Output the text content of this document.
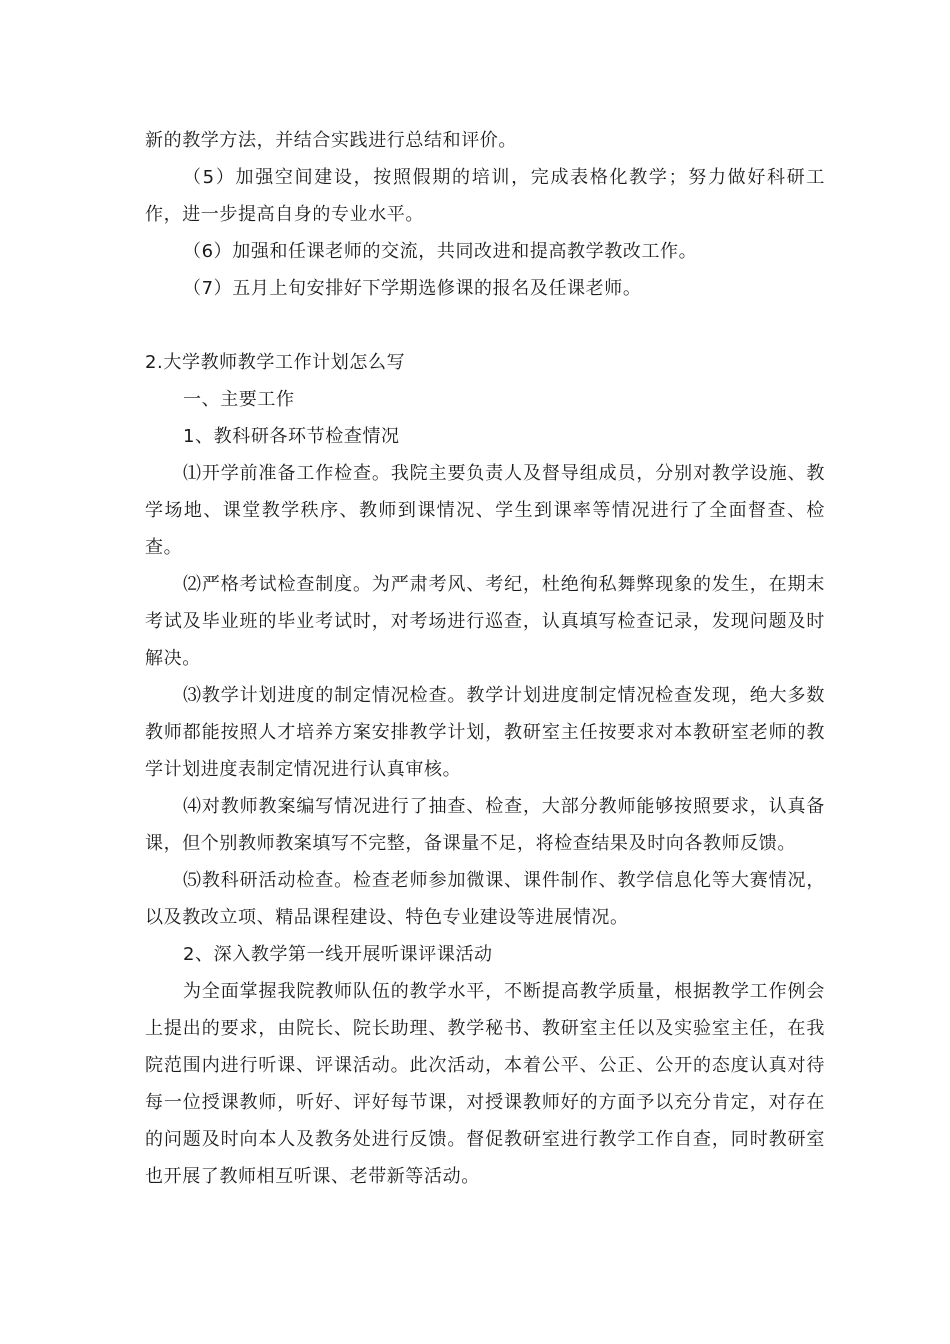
新的教学方法，并结合实践进行总结和评价。

（5）加强空间建设，按照假期的培训，完成表格化教学；努力做好科研工作，进一步提高自身的专业水平。

（6）加强和任课老师的交流，共同改进和提高教学教改工作。

（7）五月上旬安排好下学期选修课的报名及任课老师。

2.大学教师教学工作计划怎么写

一、主要工作

1、教科研各环节检查情况

⑴开学前准备工作检查。我院主要负责人及督导组成员，分别对教学设施、教学场地、课堂教学秩序、教师到课情况、学生到课率等情况进行了全面督查、检查。

⑵严格考试检查制度。为严肃考风、考纪，杜绝徇私舞弊现象的发生，在期末考试及毕业班的毕业考试时，对考场进行巡查，认真填写检查记录，发现问题及时解决。

⑶教学计划进度的制定情况检查。教学计划进度制定情况检查发现，绝大多数教师都能按照人才培养方案安排教学计划，教研室主任按要求对本教研室老师的教学计划进度表制定情况进行认真审核。

⑷对教师教案编写情况进行了抽查、检查，大部分教师能够按照要求，认真备课，但个别教师教案填写不完整，备课量不足，将检查结果及时向各教师反馈。

⑸教科研活动检查。检查老师参加微课、课件制作、教学信息化等大赛情况，以及教改立项、精品课程建设、特色专业建设等进展情况。

2、深入教学第一线开展听课评课活动

为全面掌握我院教师队伍的教学水平，不断提高教学质量，根据教学工作例会上提出的要求，由院长、院长助理、教学秘书、教研室主任以及实验室主任，在我院范围内进行听课、评课活动。此次活动，本着公平、公正、公开的态度认真对待每一位授课教师，听好、评好每节课，对授课教师好的方面予以充分肯定，对存在的问题及时向本人及教务处进行反馈。督促教研室进行教学工作自查，同时教研室也开展了教师相互听课、老带新等活动。
